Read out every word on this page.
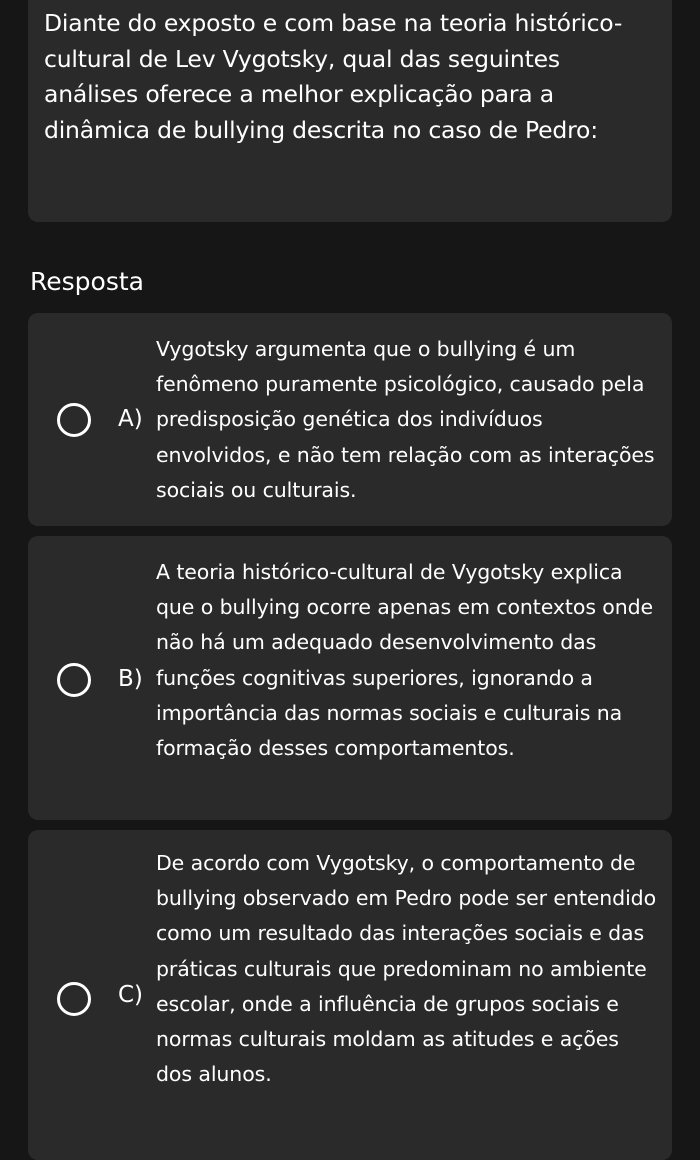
Diante do exposto e com base na teoria histórico-cultural de Lev Vygotsky, qual das seguintes análises oferece a melhor explicação para a dinâmica de bullying descrita no caso de Pedro:
Resposta
A)
Vygotsky argumenta que o bullying é um fenômeno puramente psicológico, causado pela predisposição genética dos indivíduos envolvidos, e não tem relação com as interações sociais ou culturais.
B)
A teoria histórico-cultural de Vygotsky explica que o bullying ocorre apenas em contextos onde não há um adequado desenvolvimento das funções cognitivas superiores, ignorando a importância das normas sociais e culturais na formação desses comportamentos.
C)
De acordo com Vygotsky, o comportamento de bullying observado em Pedro pode ser entendido como um resultado das interações sociais e das práticas culturais que predominam no ambiente escolar, onde a influência de grupos sociais e normas culturais moldam as atitudes e ações dos alunos.
